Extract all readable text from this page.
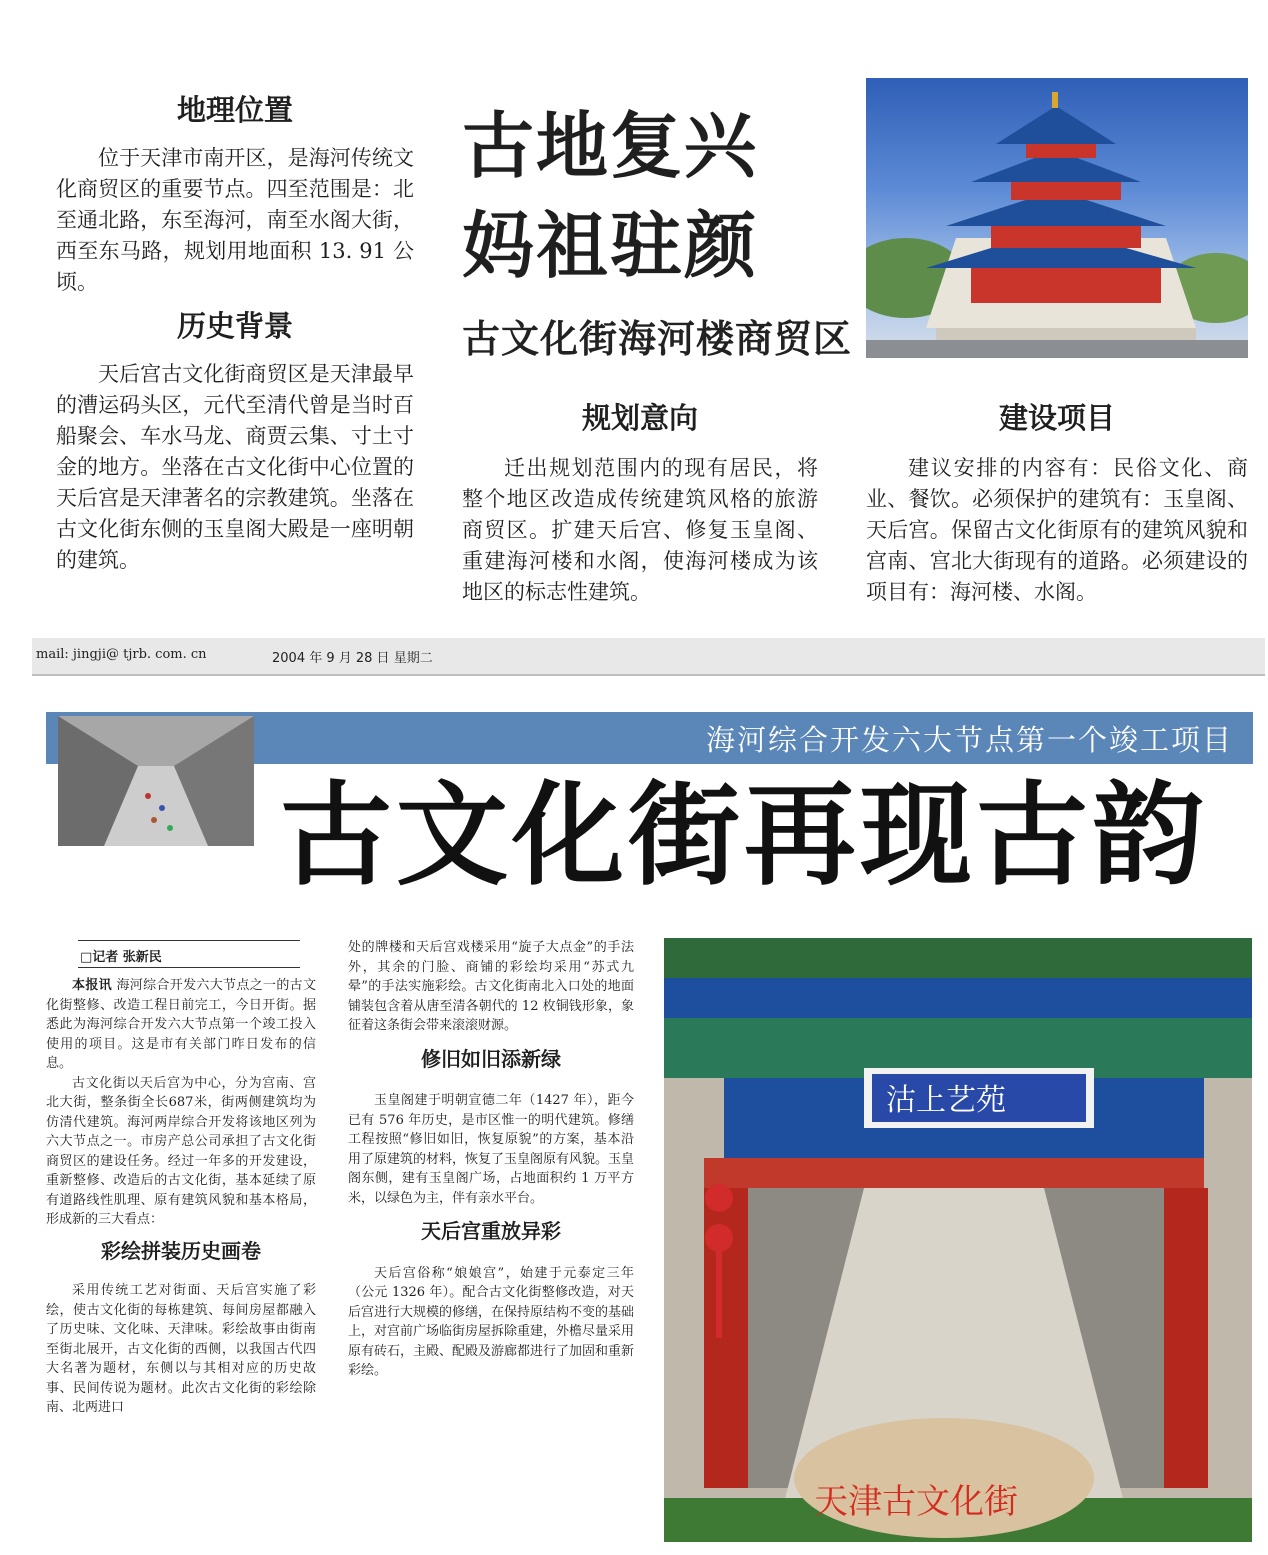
地理位置

位于天津市南开区，是海河传统文化商贸区的重要节点。四至范围是：北至通北路，东至海河，南至水阁大街，西至东马路，规划用地面积 13. 91 公顷。

历史背景

天后宫古文化街商贸区是天津最早的漕运码头区，元代至清代曾是当时百船聚会、车水马龙、商贾云集、寸土寸金的地方。坐落在古文化街中心位置的天后宫是天津著名的宗教建筑。坐落在古文化街东侧的玉皇阁大殿是一座明朝的建筑。

古地复兴
妈祖驻颜
古文化街海河楼商贸区
规划意向

迁出规划范围内的现有居民，将整个地区改造成传统建筑风格的旅游商贸区。扩建天后宫、修复玉皇阁、重建海河楼和水阁，使海河楼成为该地区的标志性建筑。

建设项目

建议安排的内容有：民俗文化、商业、餐饮。必须保护的建筑有：玉皇阁、天后宫。保留古文化街原有的建筑风貌和宫南、宫北大街现有的道路。必须建设的项目有：海河楼、水阁。

mail: jingji@ tjrb. com. cn	2004 年 9 月 28 日 星期二
海河综合开发六大节点第一个竣工项目
古文化街再现古韵
□记者 张新民

本报讯 海河综合开发六大节点之一的古文化街整修、改造工程日前完工，今日开街。据悉此为海河综合开发六大节点第一个竣工投入使用的项目。这是市有关部门昨日发布的信息。

古文化街以天后宫为中心，分为宫南、宫北大街，整条街全长687米，街两侧建筑均为仿清代建筑。海河两岸综合开发将该地区列为六大节点之一。市房产总公司承担了古文化街商贸区的建设任务。经过一年多的开发建设，重新整修、改造后的古文化街，基本延续了原有道路线性肌理、原有建筑风貌和基本格局，形成新的三大看点：

彩绘拼装历史画卷

采用传统工艺对街面、天后宫实施了彩绘，使古文化街的每栋建筑、每间房屋都融入了历史味、文化味、天津味。彩绘故事由街南至街北展开，古文化街的西侧，以我国古代四大名著为题材，东侧以与其相对应的历史故事、民间传说为题材。此次古文化街的彩绘除南、北两进口

处的牌楼和天后宫戏楼采用“旋子大点金”的手法外，其余的门脸、商铺的彩绘均采用“苏式九晕”的手法实施彩绘。古文化街南北入口处的地面铺装包含着从唐至清各朝代的 12 枚铜钱形象，象征着这条街会带来滚滚财源。

修旧如旧添新绿

玉皇阁建于明朝宣德二年（1427 年），距今已有 576 年历史，是市区惟一的明代建筑。修缮工程按照“修旧如旧，恢复原貌”的方案，基本沿用了原建筑的材料，恢复了玉皇阁原有风貌。玉皇阁东侧，建有玉皇阁广场，占地面积约 1 万平方米，以绿色为主，伴有亲水平台。

天后宫重放异彩

天后宫俗称“娘娘宫”，始建于元泰定三年（公元 1326 年）。配合古文化街整修改造，对天后宫进行大规模的修缮，在保持原结构不变的基础上，对宫前广场临街房屋拆除重建，外檐尽量采用原有砖石，主殿、配殿及游廊都进行了加固和重新彩绘。

天津古文化街
沽上艺苑
